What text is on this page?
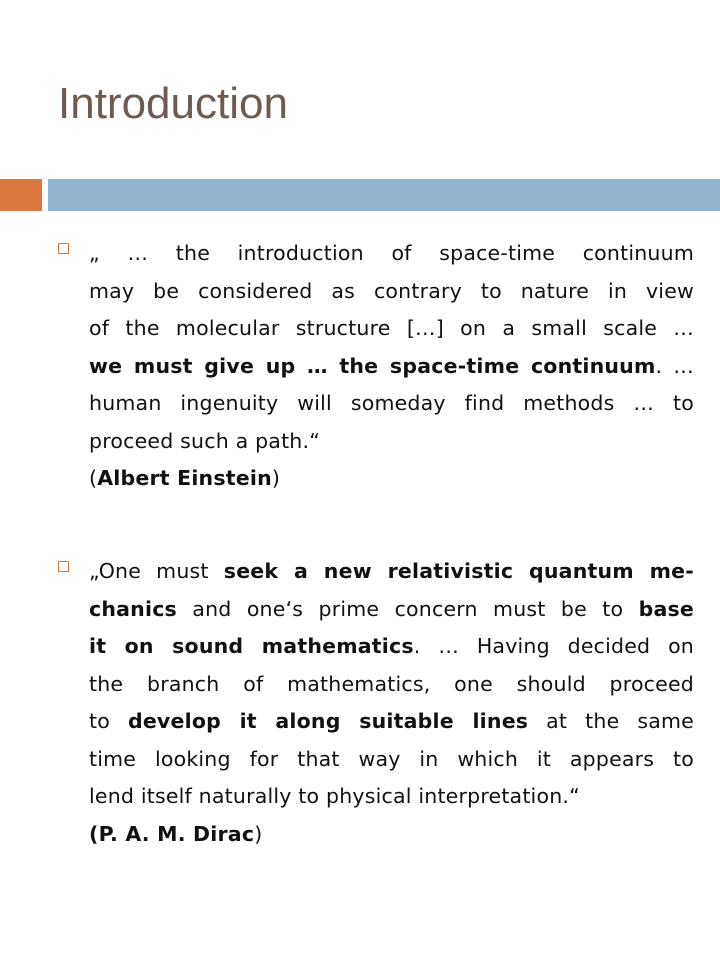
Introduction
„ … the introduction of space-time continuum
may be considered as contrary to nature in view
of the molecular structure […] on a small scale …
we must give up … the space-time continuum. …
human ingenuity will someday find methods … to
proceed such a path.“
(Albert Einstein)
„One must seek a new relativistic quantum me-
chanics and one‘s prime concern must be to base
it on sound mathematics. … Having decided on
the branch of mathematics, one should proceed
to develop it along suitable lines at the same
time looking for that way in which it appears to
lend itself naturally to physical interpretation.“
(P. A. M. Dirac)
